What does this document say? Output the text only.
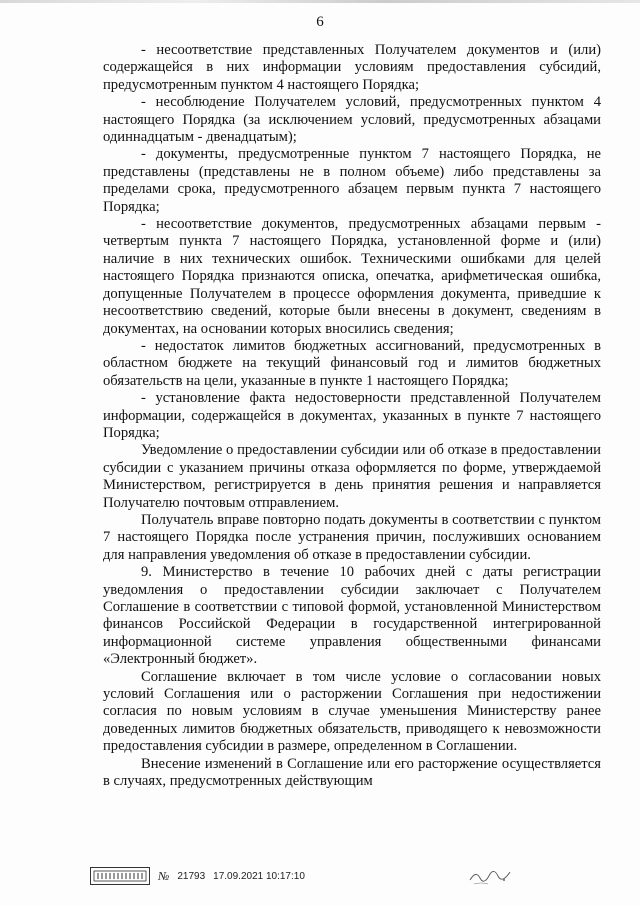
6

- несоответствие представленных Получателем документов и (или) содержащейся в них информации условиям предоставления субсидий, предусмотренным пунктом 4 настоящего Порядка;

- несоблюдение Получателем условий, предусмотренных пунктом 4 настоящего Порядка (за исключением условий, предусмотренных абзацами одиннадцатым - двенадцатым);

- документы, предусмотренные пунктом 7 настоящего Порядка, не представлены (представлены не в полном объеме) либо представлены за пределами срока, предусмотренного абзацем первым пункта 7 настоящего Порядка;

- несоответствие документов, предусмотренных абзацами первым - четвертым пункта 7 настоящего Порядка, установленной форме и (или) наличие в них технических ошибок. Техническими ошибками для целей настоящего Порядка признаются описка, опечатка, арифметическая ошибка, допущенные Получателем в процессе оформления документа, приведшие к несоответствию сведений, которые были внесены в документ, сведениям в документах, на основании которых вносились сведения;

- недостаток лимитов бюджетных ассигнований, предусмотренных в областном бюджете на текущий финансовый год и лимитов бюджетных обязательств на цели, указанные в пункте 1 настоящего Порядка;

- установление факта недостоверности представленной Получателем информации, содержащейся в документах, указанных в пункте 7 настоящего Порядка;

Уведомление о предоставлении субсидии или об отказе в предоставлении субсидии с указанием причины отказа оформляется по форме, утверждаемой Министерством, регистрируется в день принятия решения и направляется Получателю почтовым отправлением.

Получатель вправе повторно подать документы в соответствии с пунктом 7 настоящего Порядка после устранения причин, послуживших основанием для направления уведомления об отказе в предоставлении субсидии.

9. Министерство в течение 10 рабочих дней с даты регистрации уведомления о предоставлении субсидии заключает с Получателем Соглашение в соответствии с типовой формой, установленной Министерством финансов Российской Федерации в государственной интегрированной информационной системе управления общественными финансами «Электронный бюджет».

Соглашение включает в том числе условие о согласовании новых условий Соглашения или о расторжении Соглашения при недостижении согласия по новым условиям в случае уменьшения Министерству ранее доведенных лимитов бюджетных обязательств, приводящего к невозможности предоставления субсидии в размере, определенном в Соглашении.

Внесение изменений в Соглашение или его расторжение осуществляется в случаях, предусмотренных действующим

№ 21793 17.09.2021 10:17:10
